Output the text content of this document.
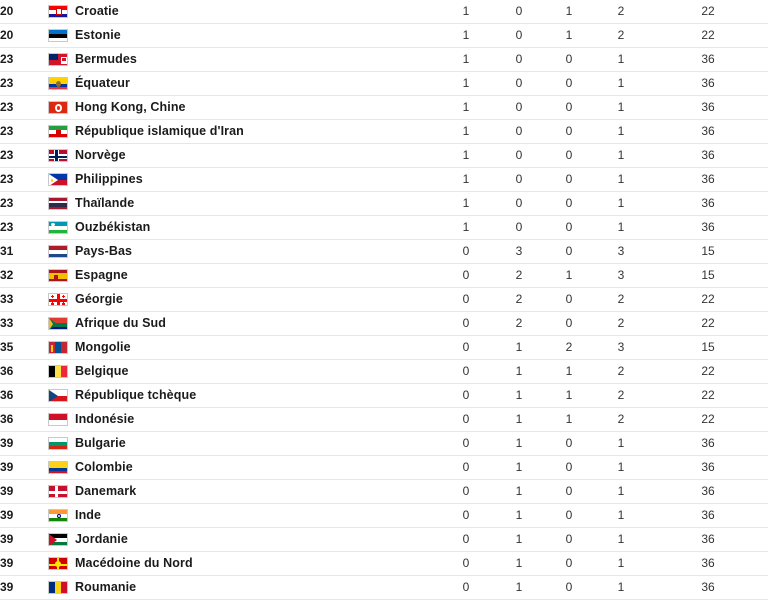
20	Croatie	1	0	1	2	22
20	Estonie	1	0	1	2	22
23	Bermudes	1	0	0	1	36
23	Équateur	1	0	0	1	36
23	Hong Kong, Chine	1	0	0	1	36
23	République islamique d'Iran	1	0	0	1	36
23	Norvège	1	0	0	1	36
23	Philippines	1	0	0	1	36
23	Thaïlande	1	0	0	1	36
23	Ouzbékistan	1	0	0	1	36
31	Pays-Bas	0	3	0	3	15
32	Espagne	0	2	1	3	15
33	Géorgie	0	2	0	2	22
33	Afrique du Sud	0	2	0	2	22
35	Mongolie	0	1	2	3	15
36	Belgique	0	1	1	2	22
36	République tchèque	0	1	1	2	22
36	Indonésie	0	1	1	2	22
39	Bulgarie	0	1	0	1	36
39	Colombie	0	1	0	1	36
39	Danemark	0	1	0	1	36
39	Inde	0	1	0	1	36
39	Jordanie	0	1	0	1	36
39	Macédoine du Nord	0	1	0	1	36
39	Roumanie	0	1	0	1	36
